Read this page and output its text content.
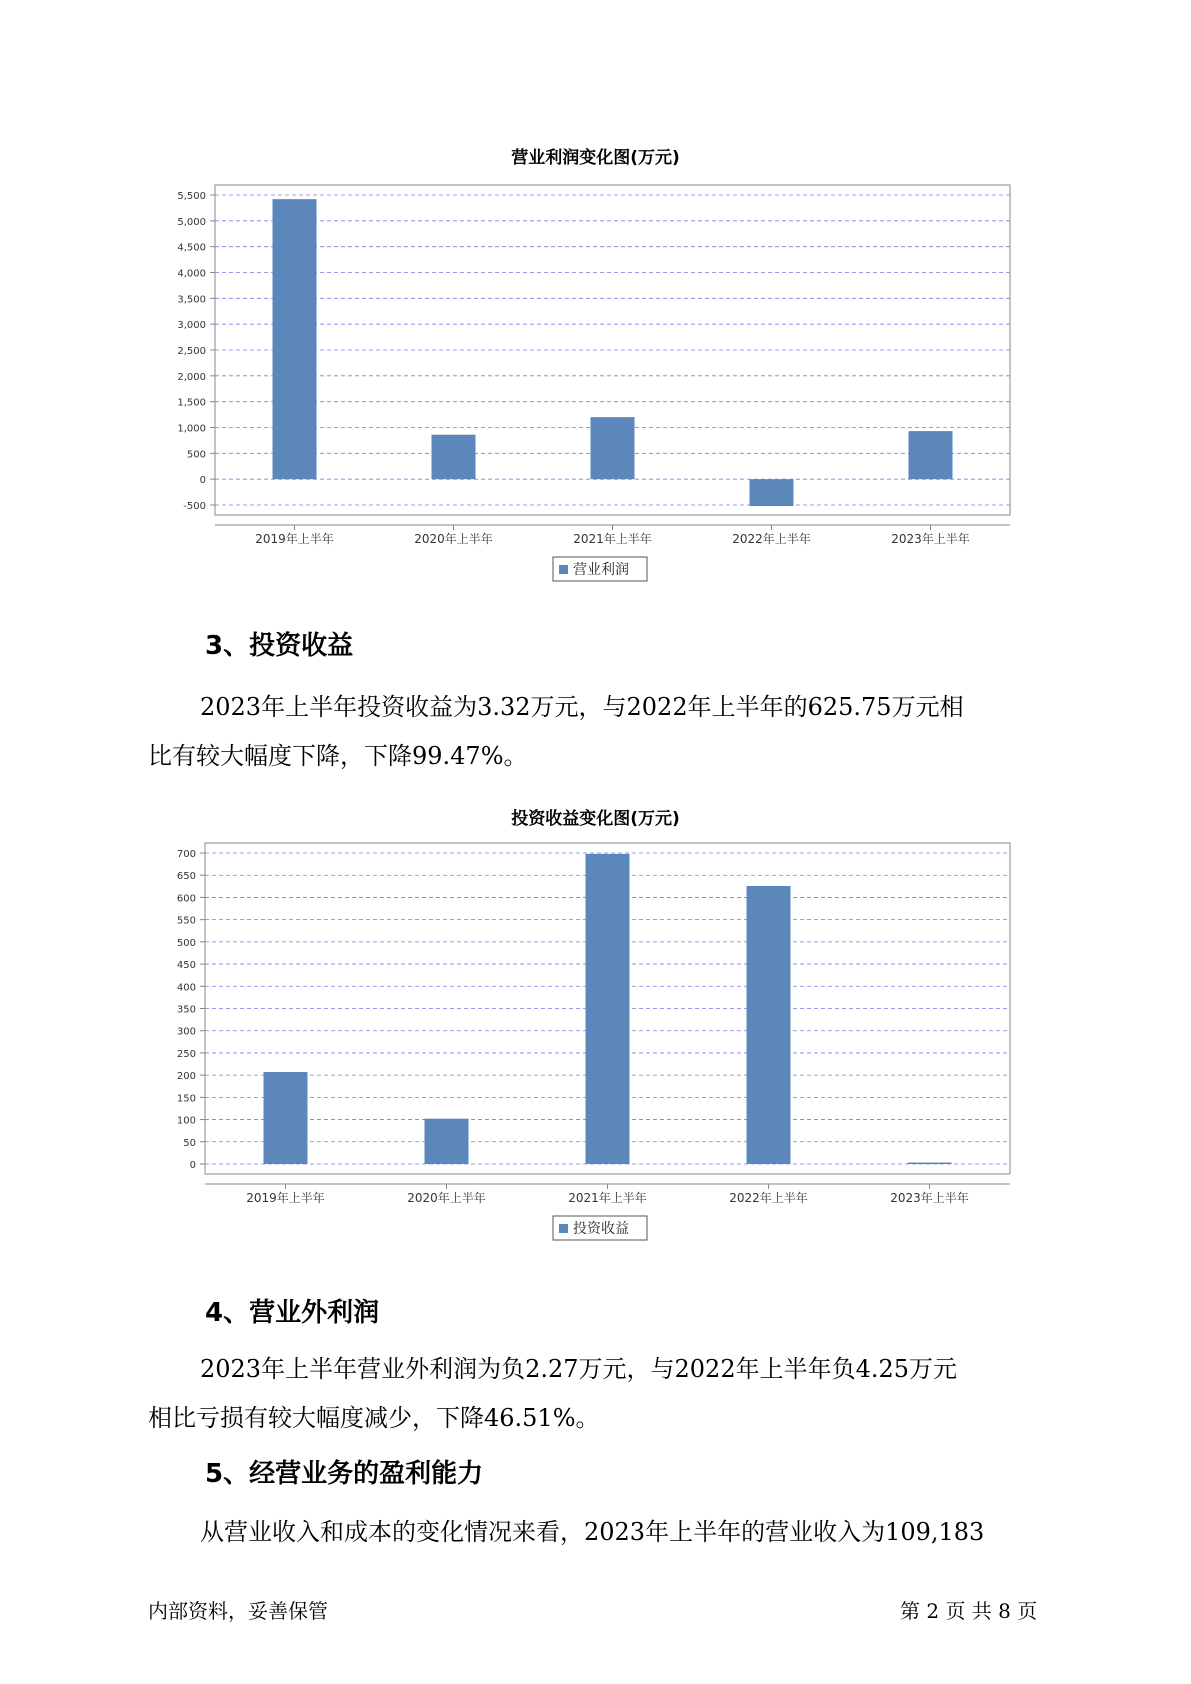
营业利润变化图(万元)
-500
0
500
1,000
1,500
2,000
2,500
3,000
3,500
4,000
4,500
5,000
5,500
2019年上半年	2020年上半年	2021年上半年	2022年上半年	2023年上半年
营业利润
3、投资收益

2023年上半年投资收益为3.32万元，与2022年上半年的625.75万元相
比有较大幅度下降，下降99.47%。

投资收益变化图(万元)
0
50
100
150
200
250
300
350
400
450
500
550
600
650
700
2019年上半年	2020年上半年	2021年上半年	2022年上半年	2023年上半年
投资收益
4、营业外利润

2023年上半年营业外利润为负2.27万元，与2022年上半年负4.25万元
相比亏损有较大幅度减少，下降46.51%。

5、经营业务的盈利能力

从营业收入和成本的变化情况来看，2023年上半年的营业收入为109,183

内部资料，妥善保管	第 2 页 共 8 页
